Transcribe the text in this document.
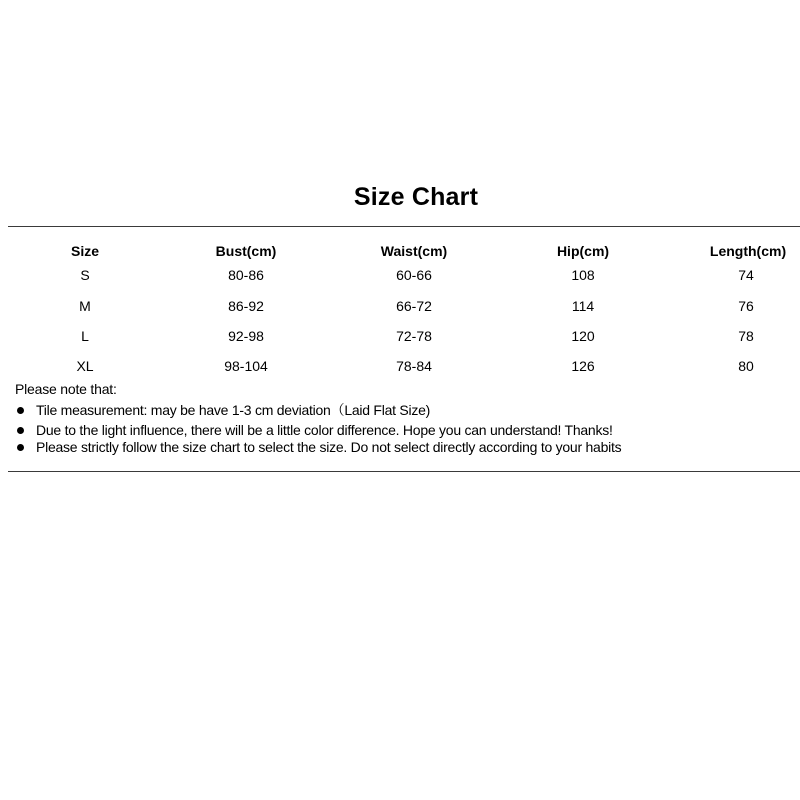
Size Chart
Size	Bust(cm)	Waist(cm)	Hip(cm)	Length(cm)
S	80-86	60-66	108	74
M	86-92	66-72	114	76
L	92-98	72-78	120	78
XL	98-104	78-84	126	80
Please note that:
Tile measurement: may be have 1-3 cm deviation（Laid Flat Size)
Due to the light influence, there will be a little color difference. Hope you can understand! Thanks!
Please strictly follow the size chart to select the size. Do not select directly according to your habits
